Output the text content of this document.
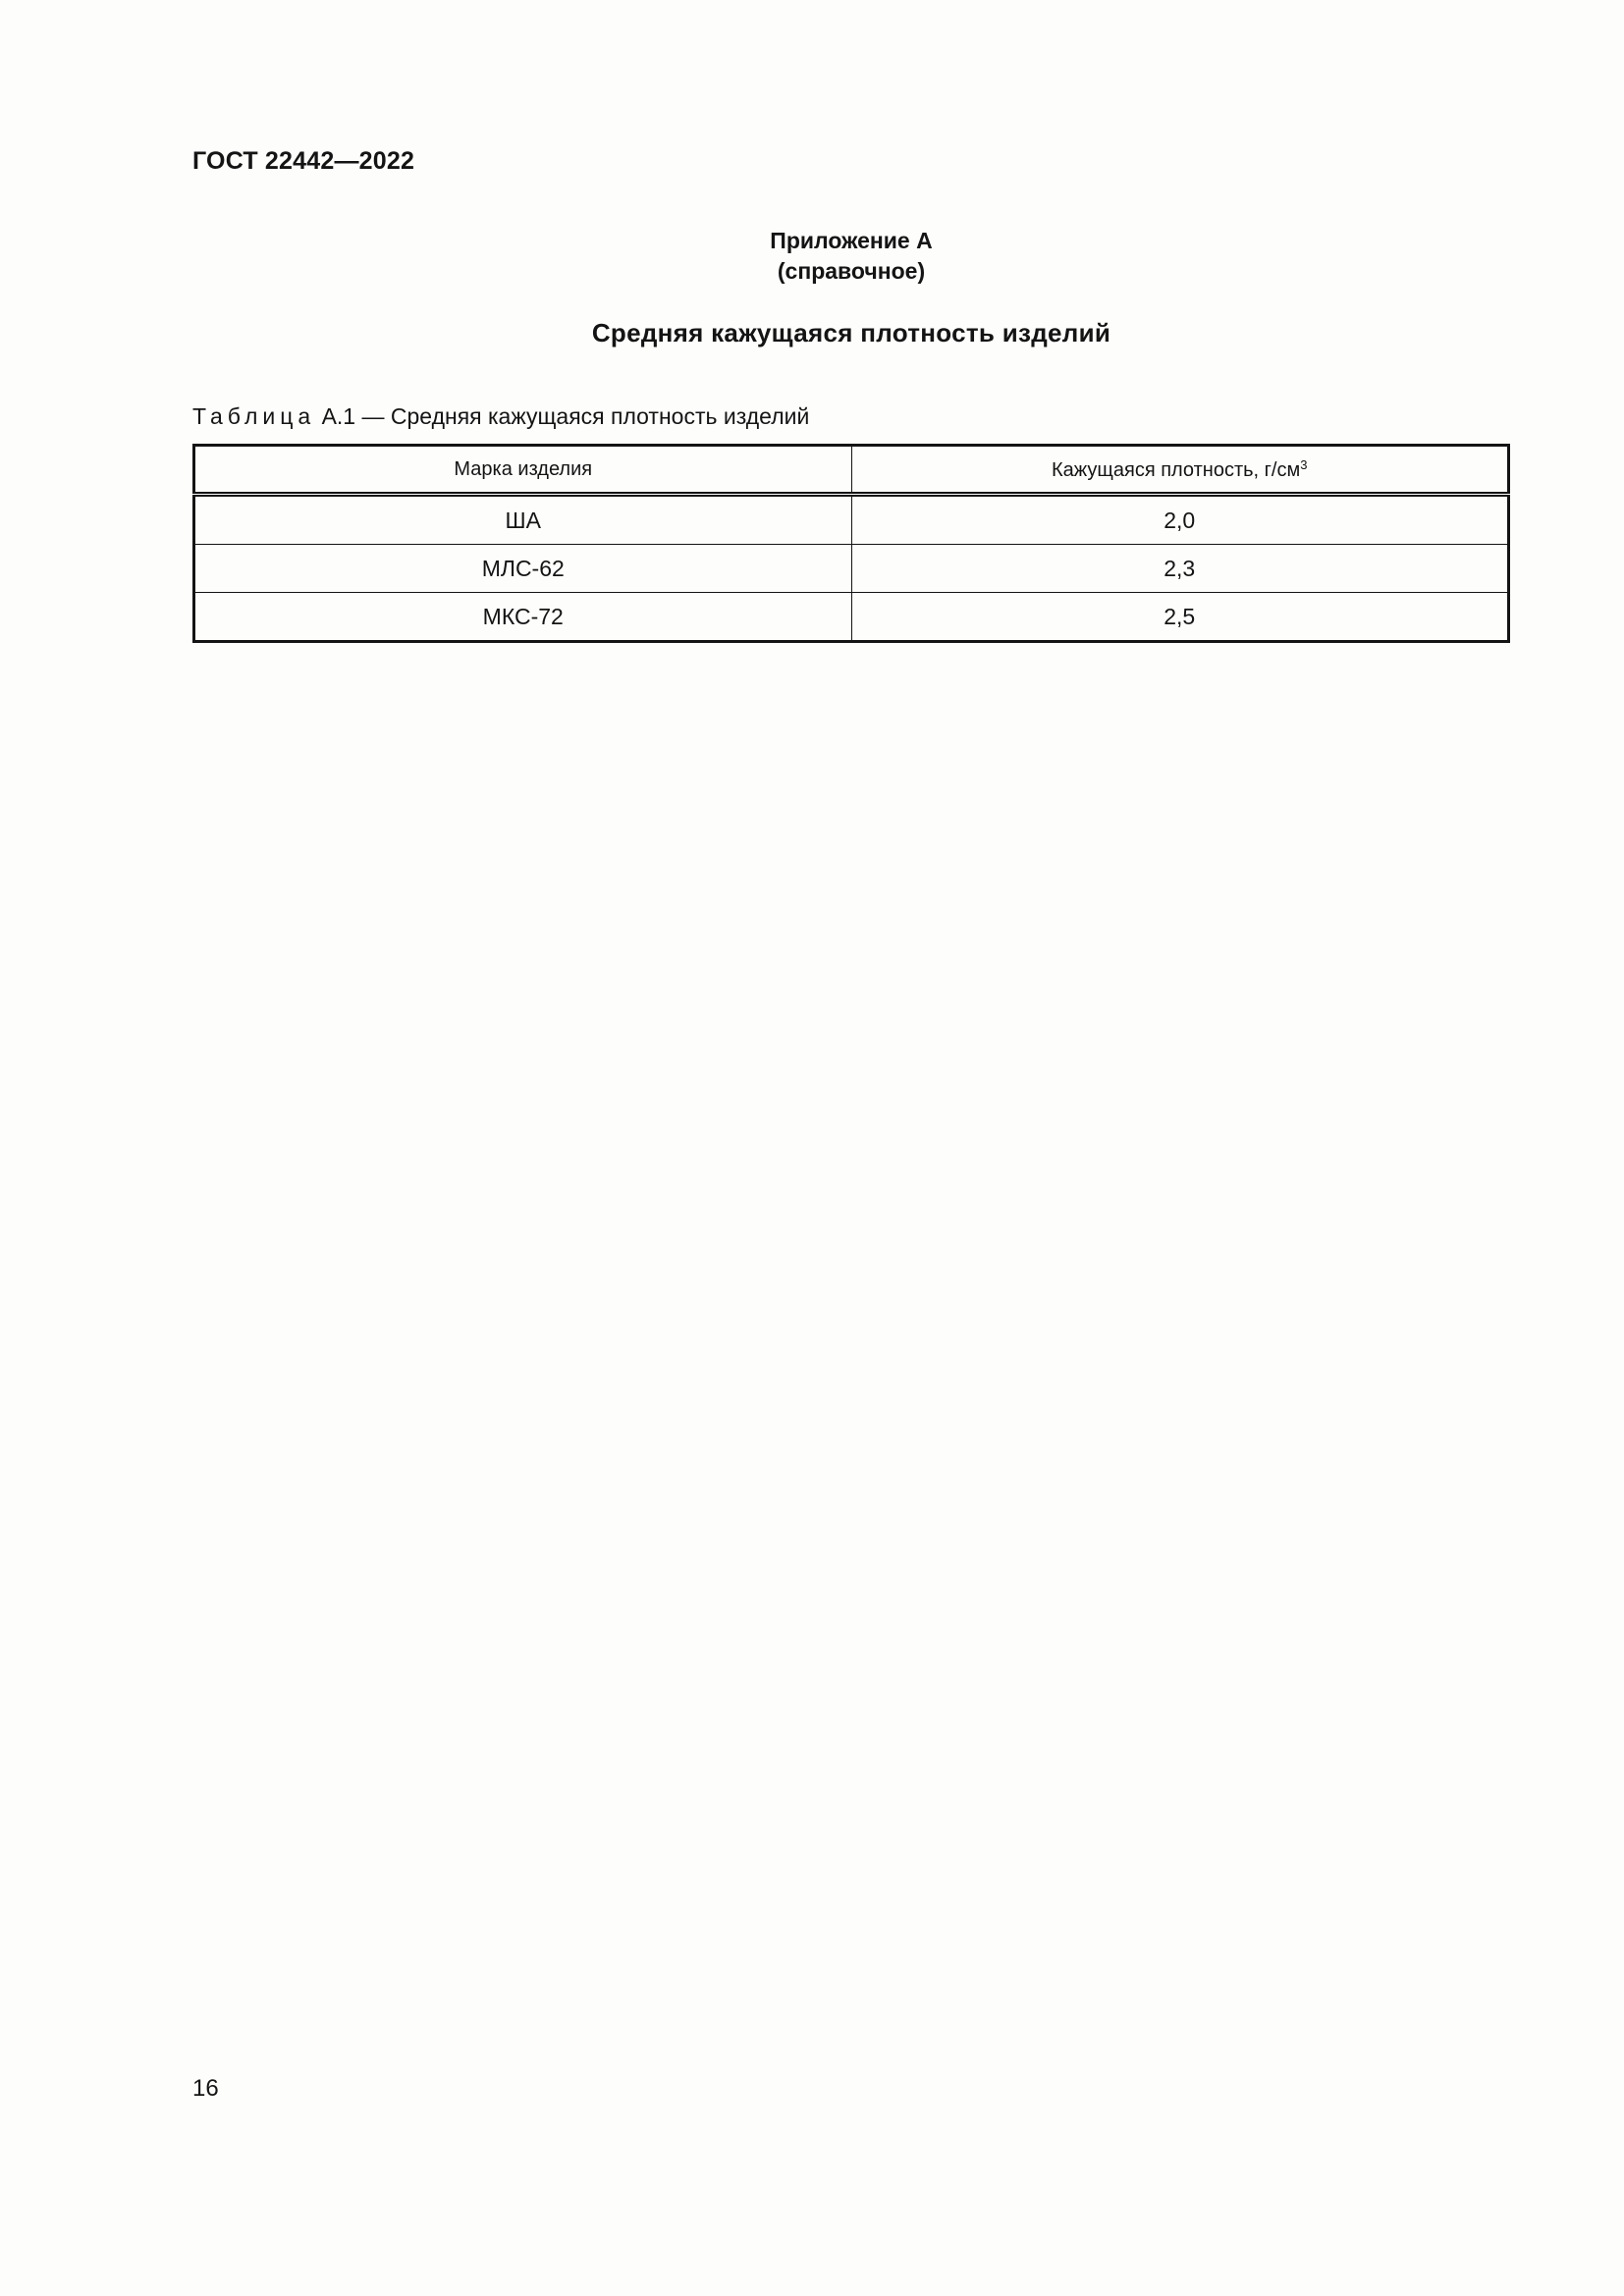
ГОСТ 22442—2022

Приложение А
(справочное)
Средняя кажущаяся плотность изделий

Таблица А.1 — Средняя кажущаяся плотность изделий

Марка изделия	Кажущаяся плотность, $г/см^3$
ША	2,0
МЛС-62	2,3
МКС-72	2,5

16
